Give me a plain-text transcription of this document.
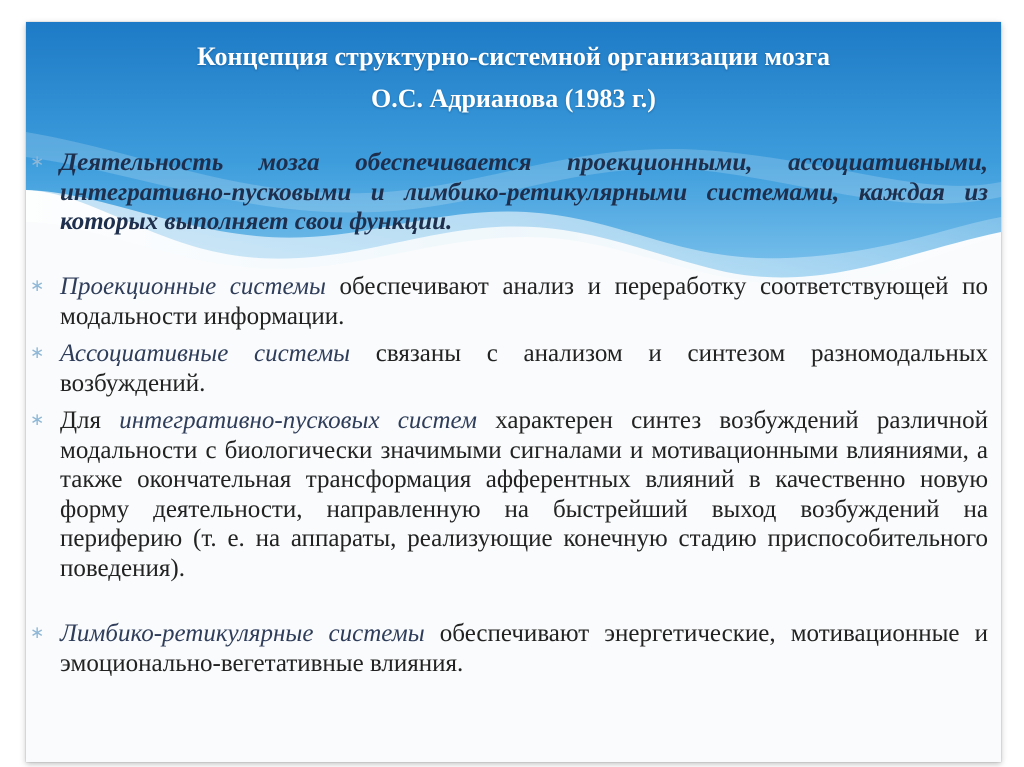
Концепция структурно-системной организации мозга
О.С. Адрианова (1983 г.)
∗ Деятельность мозга обеспечивается проекционными, ассоциативными, интегративно-пусковыми и лимбико-ретикулярными системами, каждая из которых выполняет свои функции.
∗ Проекционные системы обеспечивают анализ и переработку соответствующей по модальности информации.
∗ Ассоциативные системы связаны с анализом и синтезом разномодальных возбуждений.
∗ Для интегративно-пусковых систем характерен синтез возбуждений различной модальности с биологически значимыми сигналами и мотивационными влияниями, а также окончательная трансформация афферентных влияний в качественно новую форму деятельности, направленную на быстрейший выход возбуждений на периферию (т. е. на аппараты, реализующие конечную стадию приспособительного поведения).
∗ Лимбико-ретикулярные системы обеспечивают энергетические, мотивационные и эмоционально-вегетативные влияния.
